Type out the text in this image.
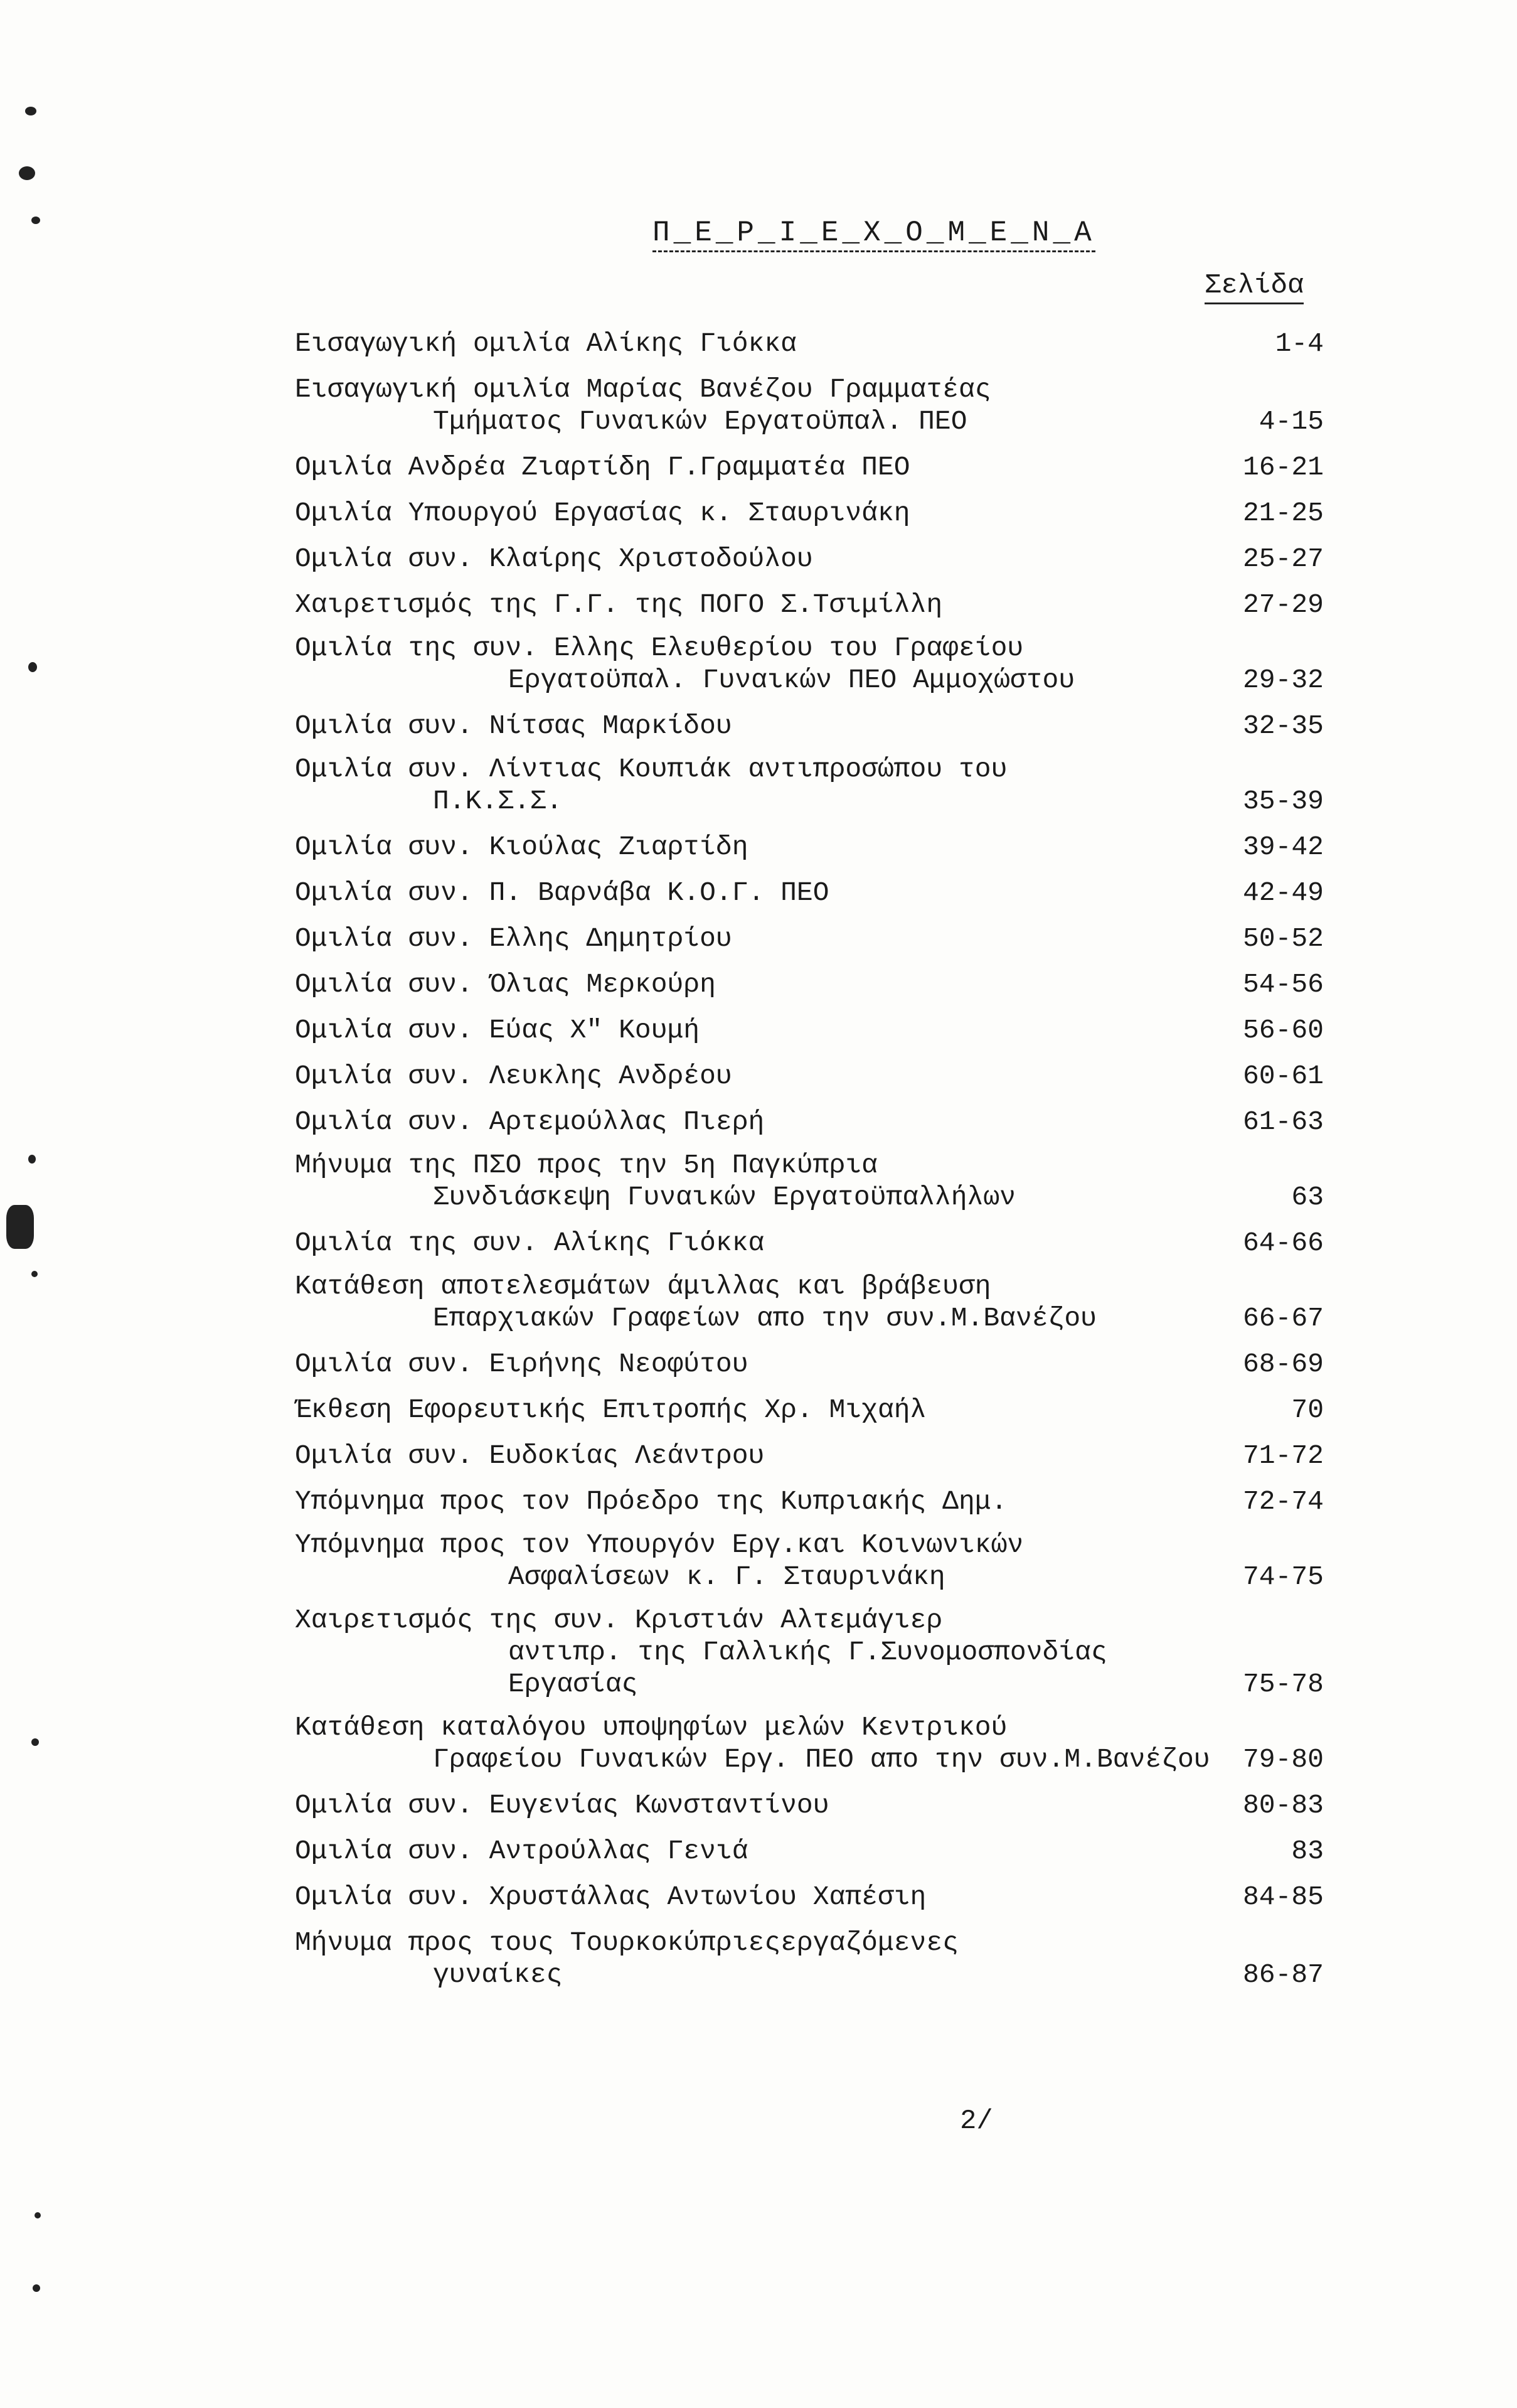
Π_Ε_Ρ_Ι_Ε_Χ_Ο_Μ_Ε_Ν_Α
Σελίδα
Εισαγωγική ομιλία Αλίκης Γιόκκα	1-4
Εισαγωγική ομιλία Μαρίας Βανέζου Γραμματέας
Τμήματος Γυναικών Εργατοϋπαλ. ΠΕΟ	4-15
Ομιλία Ανδρέα Ζιαρτίδη Γ.Γραμματέα ΠΕΟ	16-21
Ομιλία Υπουργού Εργασίας κ. Σταυρινάκη	21-25
Ομιλία συν. Κλαίρης Χριστοδούλου	25-27
Χαιρετισμός της Γ.Γ. της ΠΟΓΟ Σ.Τσιμίλλη	27-29
Ομιλία της συν. Ελλης Ελευθερίου του Γραφείου
Εργατοϋπαλ. Γυναικών ΠΕΟ Αμμοχώστου	29-32
Ομιλία συν. Νίτσας Μαρκίδου	32-35
Ομιλία συν. Λίντιας Κουπιάκ αντιπροσώπου του
Π.Κ.Σ.Σ.	35-39
Ομιλία συν. Κιούλας Ζιαρτίδη	39-42
Ομιλία συν. Π. Βαρνάβα Κ.Ο.Γ. ΠΕΟ	42-49
Ομιλία συν. Ελλης Δημητρίου	50-52
Ομιλία συν. Όλιας Μερκούρη	54-56
Ομιλία συν. Εύας Χ" Κουμή	56-60
Ομιλία συν. Λευκλης Ανδρέου	60-61
Ομιλία συν. Αρτεμούλλας Πιερή	61-63
Μήνυμα της ΠΣΟ προς την 5η Παγκύπρια
Συνδιάσκεψη Γυναικών Εργατοϋπαλλήλων	63
Ομιλία της συν. Αλίκης Γιόκκα	64-66
Κατάθεση αποτελεσμάτων άμιλλας και βράβευση
Επαρχιακών Γραφείων απο την συν.Μ.Βανέζου	66-67
Ομιλία συν. Ειρήνης Νεοφύτου	68-69
Έκθεση Εφορευτικής Επιτροπής Χρ. Μιχαήλ	70
Ομιλία συν. Ευδοκίας Λεάντρου	71-72
Υπόμνημα προς τον Πρόεδρο της Κυπριακής Δημ.	72-74
Υπόμνημα προς τον Υπουργόν Εργ.και Κοινωνικών
Ασφαλίσεων κ. Γ. Σταυρινάκη	74-75
Χαιρετισμός της συν. Κριστιάν Αλτεμάγιερ
αντιπρ. της Γαλλικής Γ.Συνομοσπονδίας
Εργασίας	75-78
Κατάθεση καταλόγου υποψηφίων μελών Κεντρικού
Γραφείου Γυναικών Εργ. ΠΕΟ απο την συν.Μ.Βανέζου	79-80
Ομιλία συν. Ευγενίας Κωνσταντίνου	80-83
Ομιλία συν. Αντρούλλας Γενιά	83
Ομιλία συν. Χρυστάλλας Αντωνίου Χαπέσιη	84-85
Μήνυμα προς τους Τουρκοκύπριεςεργαζόμενες
γυναίκες	86-87
2/
